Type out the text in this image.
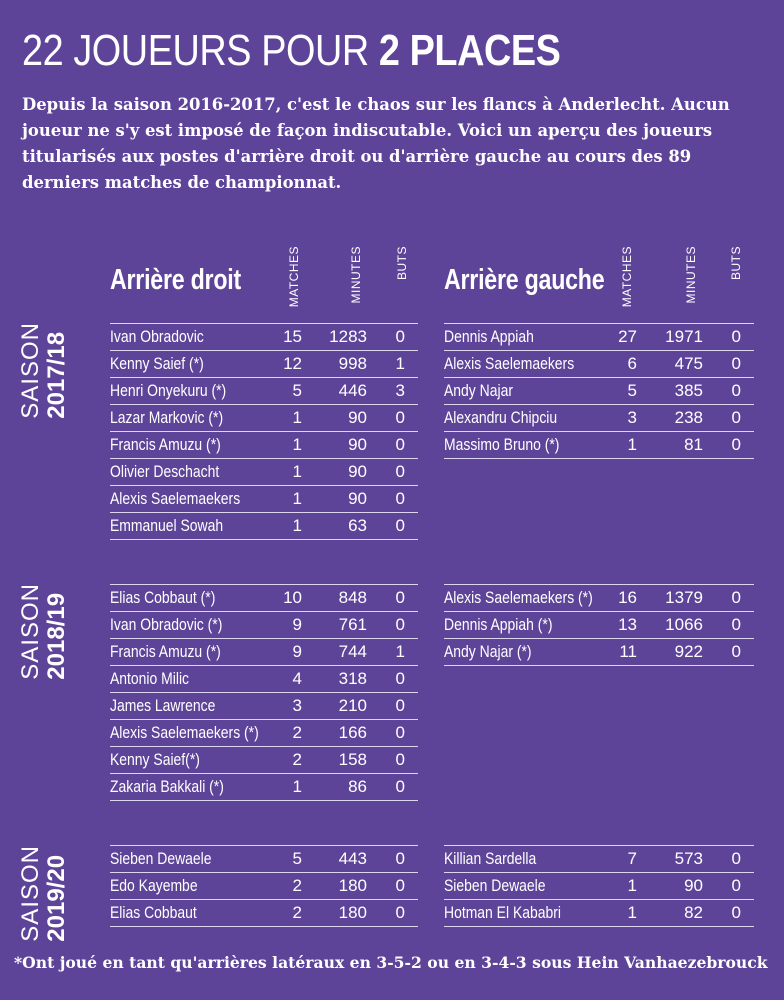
22 JOUEURS POUR 2 PLACES
Depuis la saison 2016-2017, c'est le chaos sur les flancs à Anderlecht. Aucun joueur ne s'y est imposé de façon indiscutable. Voici un aperçu des joueurs titularisés aux postes d'arrière droit ou d'arrière gauche au cours des 89 derniers matches de championnat.
Arrière droit	MATCHES	MINUTES	BUTS Arrière gauche MATCHES	MINUTES	BUTS
SAISON
2017/18
SAISON
2018/19
SAISON
2019/20
Ivan Obradovic	15 1283 0
Kenny Saief (*)	12 998 1
Henri Onyekuru (*)	5 446 3
Lazar Markovic (*)	1	90 0
Francis Amuzu (*)	1	90 0
Olivier Deschacht	1	90 0
Alexis Saelemaekers	1	90 0
Emmanuel Sowah	1	63 0
Dennis Appiah	27 1971 0
Alexis Saelemaekers	6 475 0
Andy Najar	5 385 0
Alexandru Chipciu	3 238 0
Massimo Bruno (*)	1	81 0
Elias Cobbaut (*)	10 848 0
Ivan Obradovic (*)	9 761 0
Francis Amuzu (*)	9 744 1
Antonio Milic	4 318 0
James Lawrence	3 210 0
Alexis Saelemaekers (*) 2 166 0
Kenny Saief(*)	2 158 0
Zakaria Bakkali (*)	1	86 0
Alexis Saelemaekers (*) 16 1379 0
Dennis Appiah (*)	13 1066 0
Andy Najar (*)	11 922 0
Sieben Dewaele	5 443 0
Edo Kayembe	2 180 0
Elias Cobbaut	2 180 0
Killian Sardella	7 573 0
Sieben Dewaele	1	90 0
Hotman El Kababri	1	82 0
*Ont joué en tant qu'arrières latéraux en 3-5-2 ou en 3-4-3 sous Hein Vanhaezebrouck
